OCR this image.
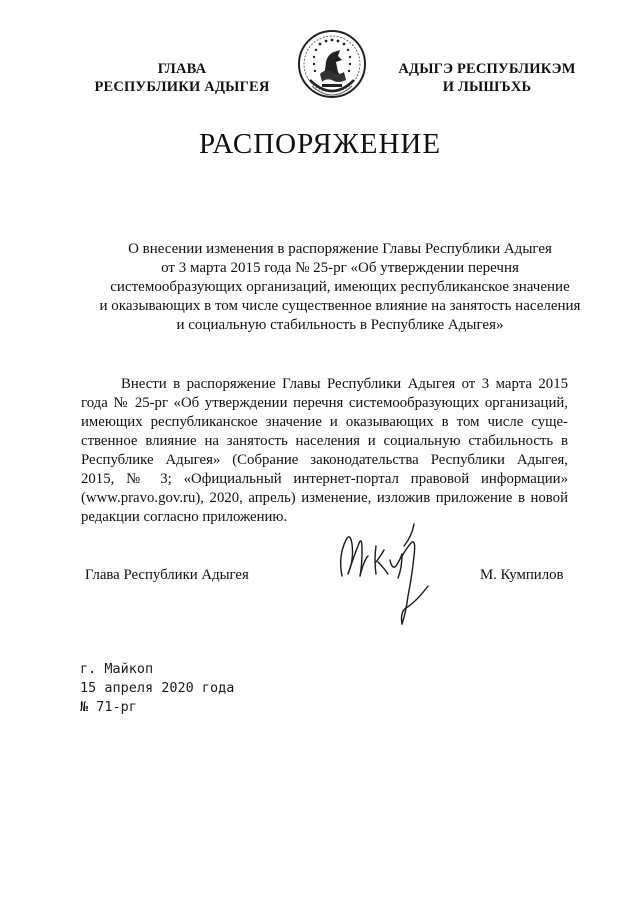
ГЛАВА
РЕСПУБЛИКИ АДЫГЕЯ
АДЫГЭ РЕСПУБЛИКЭМ
И ЛЫШЪХЬ
РАСПОРЯЖЕНИЕ
О внесении изменения в распоряжение Главы Республики Адыгея
от 3 марта 2015 года № 25-рг «Об утверждении перечня
системообразующих организаций, имеющих республиканское значение
и оказывающих в том числе существенное влияние на занятость населения
и социальную стабильность в Республике Адыгея»
Внести в распоряжение Главы Республики Адыгея от 3 марта 2015
года № 25-рг «Об утверждении перечня системообразующих организаций,
имеющих республиканское значение и оказывающих в том числе суще-
ственное влияние на занятость населения и социальную стабильность в
Республике Адыгея» (Собрание законодательства Республики Адыгея,
2015, № 3; «Официальный интернет-портал правовой информации»
(www.pravo.gov.ru), 2020, апрель) изменение, изложив приложение в новой
редакции согласно приложению.
Глава Республики Адыгея	М. Кумпилов
г. Майкоп
15 апреля 2020 года
№ 71-рг
